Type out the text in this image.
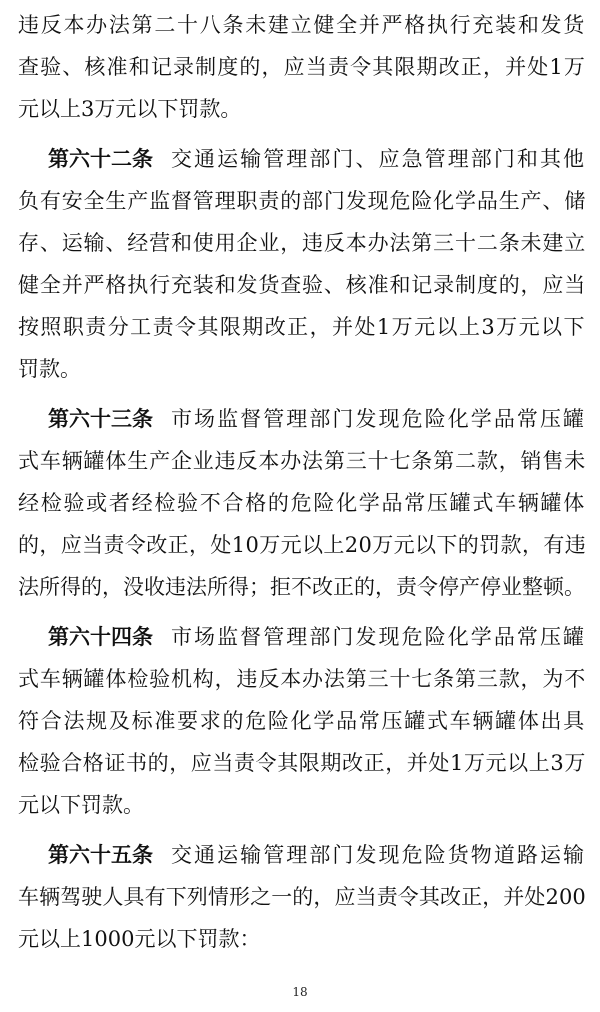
违反本办法第二十八条未建立健全并严格执行充装和发货
查验、核准和记录制度的，应当责令其限期改正，并处1万
元以上3万元以下罚款。
第六十二条 交通运输管理部门、应急管理部门和其他
负有安全生产监督管理职责的部门发现危险化学品生产、储
存、运输、经营和使用企业，违反本办法第三十二条未建立
健全并严格执行充装和发货查验、核准和记录制度的，应当
按照职责分工责令其限期改正，并处1万元以上3万元以下
罚款。
第六十三条 市场监督管理部门发现危险化学品常压罐
式车辆罐体生产企业违反本办法第三十七条第二款，销售未
经检验或者经检验不合格的危险化学品常压罐式车辆罐体
的，应当责令改正，处10万元以上20万元以下的罚款，有违
法所得的，没收违法所得；拒不改正的，责令停产停业整顿。
第六十四条 市场监督管理部门发现危险化学品常压罐
式车辆罐体检验机构，违反本办法第三十七条第三款，为不
符合法规及标准要求的危险化学品常压罐式车辆罐体出具
检验合格证书的，应当责令其限期改正，并处1万元以上3万
元以下罚款。
第六十五条 交通运输管理部门发现危险货物道路运输
车辆驾驶人具有下列情形之一的，应当责令其改正，并处200
元以上1000元以下罚款：
18
